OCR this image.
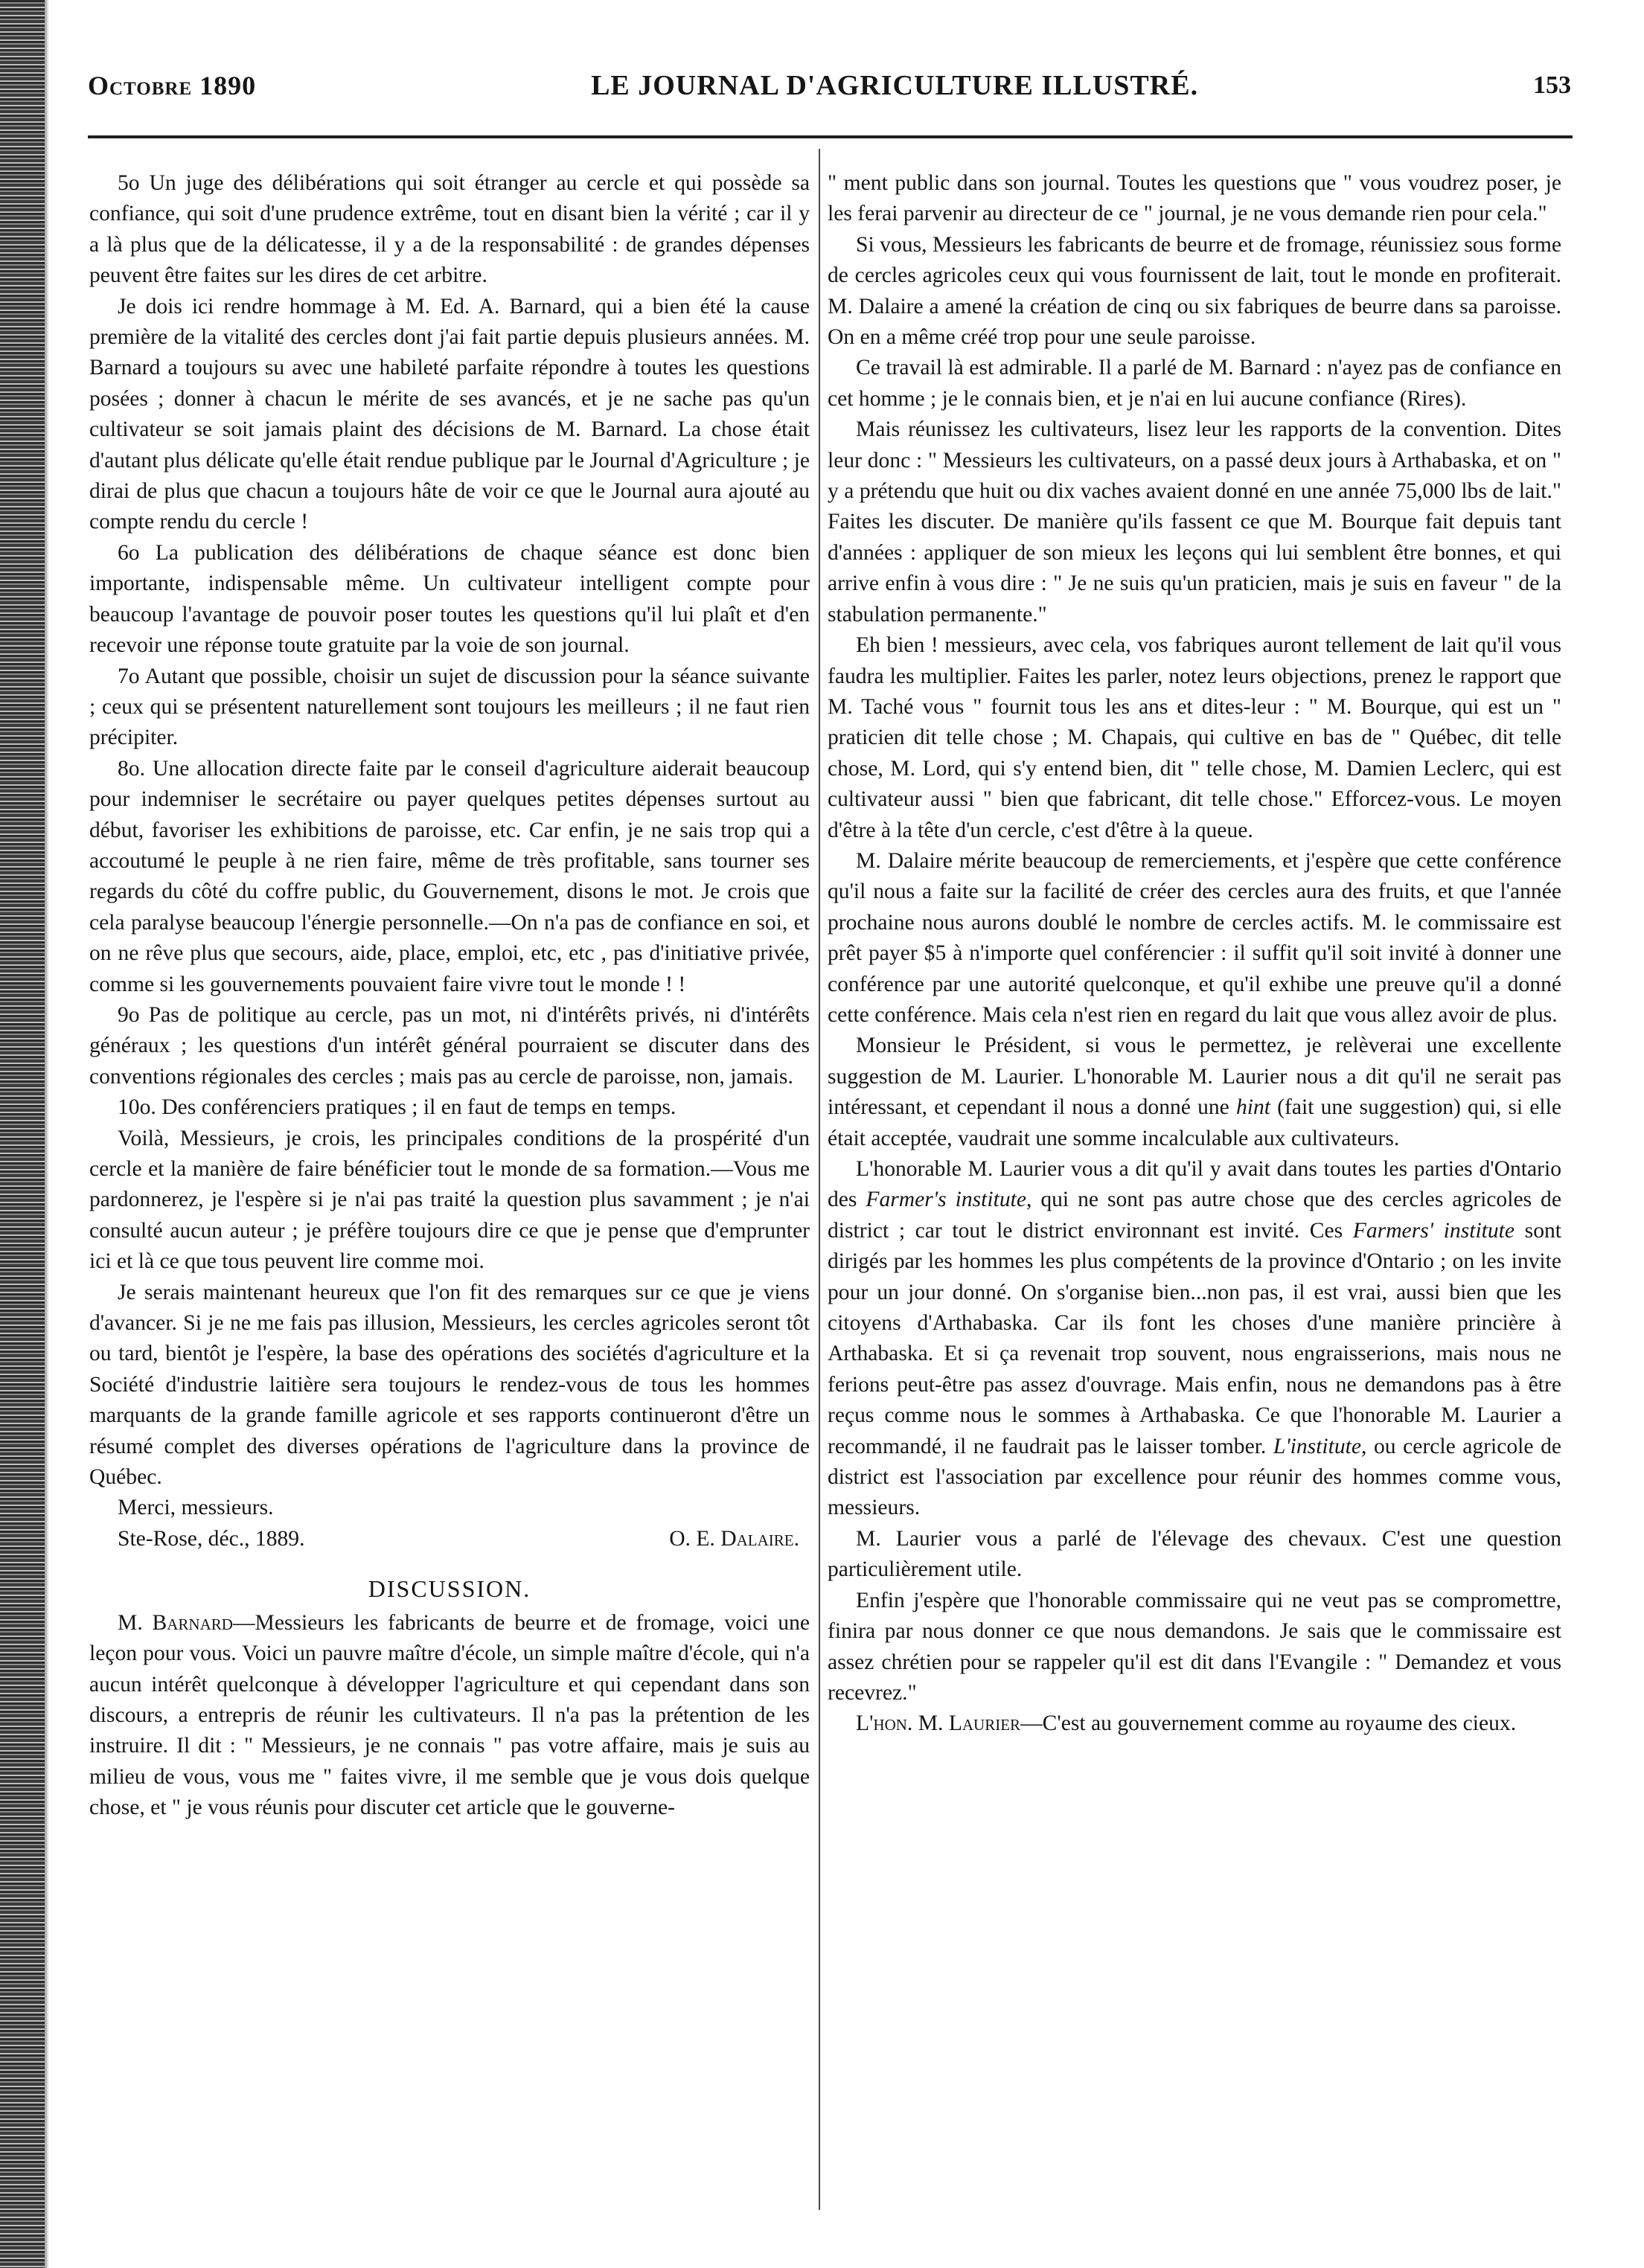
Octobre 1890	LE JOURNAL D'AGRICULTURE ILLUSTRÉ.	153

5o Un juge des délibérations qui soit étranger au cercle et qui possède sa confiance, qui soit d'une prudence extrême, tout en disant bien la vérité ; car il y a là plus que de la délicatesse, il y a de la responsabilité : de grandes dépenses peuvent être faites sur les dires de cet arbitre.

Je dois ici rendre hommage à M. Ed. A. Barnard, qui a bien été la cause première de la vitalité des cercles dont j'ai fait partie depuis plusieurs années. M. Barnard a toujours su avec une habileté parfaite répondre à toutes les questions posées ; donner à chacun le mérite de ses avancés, et je ne sache pas qu'un cultivateur se soit jamais plaint des décisions de M. Barnard. La chose était d'autant plus délicate qu'elle était rendue publique par le Journal d'Agriculture ; je dirai de plus que chacun a toujours hâte de voir ce que le Journal aura ajouté au compte rendu du cercle !

6o La publication des délibérations de chaque séance est donc bien importante, indispensable même. Un cultivateur intelligent compte pour beaucoup l'avantage de pouvoir poser toutes les questions qu'il lui plaît et d'en recevoir une réponse toute gratuite par la voie de son journal.

7o Autant que possible, choisir un sujet de discussion pour la séance suivante ; ceux qui se présentent naturellement sont toujours les meilleurs ; il ne faut rien précipiter.

8o. Une allocation directe faite par le conseil d'agriculture aiderait beaucoup pour indemniser le secrétaire ou payer quelques petites dépenses surtout au début, favoriser les exhibitions de paroisse, etc. Car enfin, je ne sais trop qui a accoutumé le peuple à ne rien faire, même de très profitable, sans tourner ses regards du côté du coffre public, du Gouvernement, disons le mot. Je crois que cela paralyse beaucoup l'énergie personnelle.—On n'a pas de confiance en soi, et on ne rêve plus que secours, aide, place, emploi, etc, etc , pas d'initiative privée, comme si les gouvernements pouvaient faire vivre tout le monde ! !

9o Pas de politique au cercle, pas un mot, ni d'intérêts privés, ni d'intérêts généraux ; les questions d'un intérêt général pourraient se discuter dans des conventions régionales des cercles ; mais pas au cercle de paroisse, non, jamais.

10o. Des conférenciers pratiques ; il en faut de temps en temps.

Voilà, Messieurs, je crois, les principales conditions de la prospérité d'un cercle et la manière de faire bénéficier tout le monde de sa formation.—Vous me pardonnerez, je l'espère si je n'ai pas traité la question plus savamment ; je n'ai consulté aucun auteur ; je préfère toujours dire ce que je pense que d'emprunter ici et là ce que tous peuvent lire comme moi.

Je serais maintenant heureux que l'on fit des remarques sur ce que je viens d'avancer. Si je ne me fais pas illusion, Messieurs, les cercles agricoles seront tôt ou tard, bientôt je l'espère, la base des opérations des sociétés d'agriculture et la Société d'industrie laitière sera toujours le rendez-vous de tous les hommes marquants de la grande famille agricole et ses rapports continueront d'être un résumé complet des diverses opérations de l'agriculture dans la province de Québec.

Merci, messieurs.

Ste-Rose, déc., 1889.	O. E. Dalaire.
DISCUSSION.

M. Barnard—Messieurs les fabricants de beurre et de fromage, voici une leçon pour vous. Voici un pauvre maître d'école, un simple maître d'école, qui n'a aucun intérêt quelconque à développer l'agriculture et qui cependant dans son discours, a entrepris de réunir les cultivateurs. Il n'a pas la prétention de les instruire. Il dit : " Messieurs, je ne connais " pas votre affaire, mais je suis au milieu de vous, vous me " faites vivre, il me semble que je vous dois quelque chose, et " je vous réunis pour discuter cet article que le gouverne-

" ment public dans son journal. Toutes les questions que " vous voudrez poser, je les ferai parvenir au directeur de ce " journal, je ne vous demande rien pour cela."

Si vous, Messieurs les fabricants de beurre et de fromage, réunissiez sous forme de cercles agricoles ceux qui vous fournissent de lait, tout le monde en profiterait. M. Dalaire a amené la création de cinq ou six fabriques de beurre dans sa paroisse. On en a même créé trop pour une seule paroisse.

Ce travail là est admirable. Il a parlé de M. Barnard : n'ayez pas de confiance en cet homme ; je le connais bien, et je n'ai en lui aucune confiance (Rires).

Mais réunissez les cultivateurs, lisez leur les rapports de la convention. Dites leur donc : " Messieurs les cultivateurs, on a passé deux jours à Arthabaska, et on " y a prétendu que huit ou dix vaches avaient donné en une année 75,000 lbs de lait." Faites les discuter. De manière qu'ils fassent ce que M. Bourque fait depuis tant d'années : appliquer de son mieux les leçons qui lui semblent être bonnes, et qui arrive enfin à vous dire : " Je ne suis qu'un praticien, mais je suis en faveur " de la stabulation permanente."

Eh bien ! messieurs, avec cela, vos fabriques auront tellement de lait qu'il vous faudra les multiplier. Faites les parler, notez leurs objections, prenez le rapport que M. Taché vous " fournit tous les ans et dites-leur : " M. Bourque, qui est un " praticien dit telle chose ; M. Chapais, qui cultive en bas de " Québec, dit telle chose, M. Lord, qui s'y entend bien, dit " telle chose, M. Damien Leclerc, qui est cultivateur aussi " bien que fabricant, dit telle chose." Efforcez-vous. Le moyen d'être à la tête d'un cercle, c'est d'être à la queue.

M. Dalaire mérite beaucoup de remerciements, et j'espère que cette conférence qu'il nous a faite sur la facilité de créer des cercles aura des fruits, et que l'année prochaine nous aurons doublé le nombre de cercles actifs. M. le commissaire est prêt payer $5 à n'importe quel conférencier : il suffit qu'il soit invité à donner une conférence par une autorité quelconque, et qu'il exhibe une preuve qu'il a donné cette conférence. Mais cela n'est rien en regard du lait que vous allez avoir de plus.

Monsieur le Président, si vous le permettez, je relèverai une excellente suggestion de M. Laurier. L'honorable M. Laurier nous a dit qu'il ne serait pas intéressant, et cependant il nous a donné une hint (fait une suggestion) qui, si elle était acceptée, vaudrait une somme incalculable aux cultivateurs.

L'honorable M. Laurier vous a dit qu'il y avait dans toutes les parties d'Ontario des Farmer's institute, qui ne sont pas autre chose que des cercles agricoles de district ; car tout le district environnant est invité. Ces Farmers' institute sont dirigés par les hommes les plus compétents de la province d'Ontario ; on les invite pour un jour donné. On s'organise bien...non pas, il est vrai, aussi bien que les citoyens d'Arthabaska. Car ils font les choses d'une manière princière à Arthabaska. Et si ça revenait trop souvent, nous engraisserions, mais nous ne ferions peut-être pas assez d'ouvrage. Mais enfin, nous ne demandons pas à être reçus comme nous le sommes à Arthabaska. Ce que l'honorable M. Laurier a recommandé, il ne faudrait pas le laisser tomber. L'institute, ou cercle agricole de district est l'association par excellence pour réunir des hommes comme vous, messieurs.

M. Laurier vous a parlé de l'élevage des chevaux. C'est une question particulièrement utile.

Enfin j'espère que l'honorable commissaire qui ne veut pas se compromettre, finira par nous donner ce que nous demandons. Je sais que le commissaire est assez chrétien pour se rappeler qu'il est dit dans l'Evangile : " Demandez et vous recevrez."

L'hon. M. Laurier—C'est au gouvernement comme au royaume des cieux.
